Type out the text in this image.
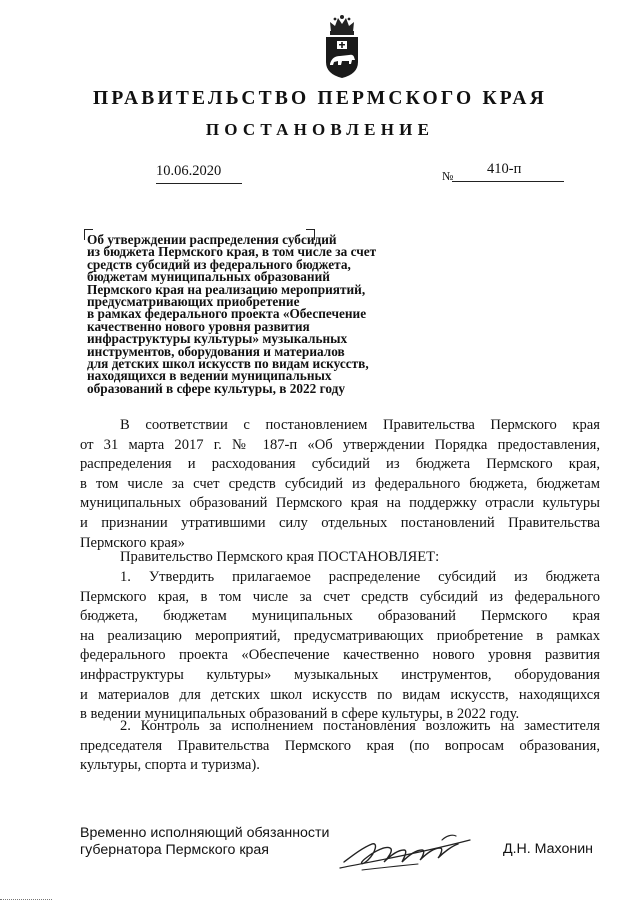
ПРАВИТЕЛЬСТВО ПЕРМСКОГО КРАЯ
ПОСТАНОВЛЕНИЕ
10.06.2020	№ 410-п
Об утверждении распределения субсидий
из бюджета Пермского края, в том числе за счет
средств субсидий из федерального бюджета,
бюджетам муниципальных образований
Пермского края на реализацию мероприятий,
предусматривающих приобретение
в рамках федерального проекта «Обеспечение
качественно нового уровня развития
инфраструктуры культуры» музыкальных
инструментов, оборудования и материалов
для детских школ искусств по видам искусств,
находящихся в ведении муниципальных
образований в сфере культуры, в 2022 году
В соответствии с постановлением Правительства Пермского края
от 31 марта 2017 г. № 187-п «Об утверждении Порядка предоставления,
распределения и расходования субсидий из бюджета Пермского края,
в том числе за счет средств субсидий из федерального бюджета, бюджетам
муниципальных образований Пермского края на поддержку отрасли культуры
и признании утратившими силу отдельных постановлений Правительства
Пермского края»
Правительство Пермского края ПОСТАНОВЛЯЕТ:
1. Утвердить прилагаемое распределение субсидий из бюджета
Пермского края, в том числе за счет средств субсидий из федерального
бюджета, бюджетам муниципальных образований Пермского края
на реализацию мероприятий, предусматривающих приобретение в рамках
федерального проекта «Обеспечение качественно нового уровня развития
инфраструктуры культуры» музыкальных инструментов, оборудования
и материалов для детских школ искусств по видам искусств, находящихся
в ведении муниципальных образований в сфере культуры, в 2022 году.
2. Контроль за исполнением постановления возложить на заместителя
председателя Правительства Пермского края (по вопросам образования,
культуры, спорта и туризма).
Временно исполняющий обязанности
губернатора Пермского края	Д.Н. Махонин
